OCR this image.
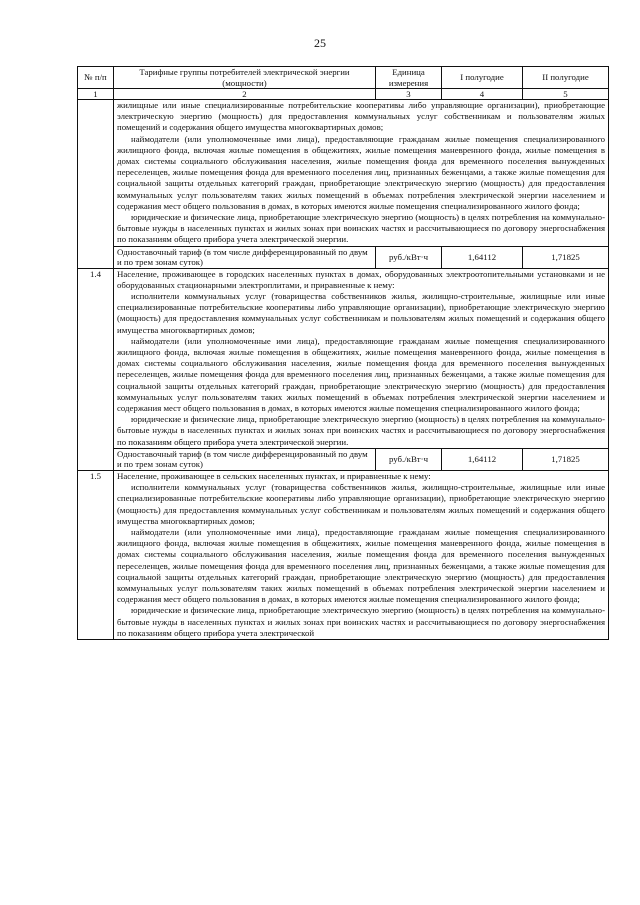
25
№ п/п	Тарифные группы потребителей электрической энергии (мощности)	Единица измерения	I полугодие	II полугодие
1	2	3	4	5

	жилищные или иные специализированные потребительские кооперативы либо управляющие организации), приобретающие электрическую энергию (мощность) для предоставления коммунальных услуг собственникам и пользователям жилых помещений и содержания общего имущества многоквартирных домов;
наймодатели (или уполномоченные ими лица), предоставляющие гражданам жилые помещения специализированного жилищного фонда, включая жилые помещения в общежитиях, жилые помещения маневренного фонда, жилые помещения в домах системы социального обслуживания населения, жилые помещения фонда для временного поселения вынужденных переселенцев, жилые помещения фонда для временного поселения лиц, признанных беженцами, а также жилые помещения для социальной защиты отдельных категорий граждан, приобретающие электрическую энергию (мощность) для предоставления коммунальных услуг пользователям таких жилых помещений в объемах потребления электрической энергии населением и содержания мест общего пользования в домах, в которых имеются жилые помещения специализированного жилого фонда;
юридические и физические лица, приобретающие электрическую энергию (мощность) в целях потребления на коммунально-бытовые нужды в населенных пунктах и жилых зонах при воинских частях и рассчитывающиеся по договору энергоснабжения по показаниям общего прибора учета электрической энергии.			

	Одноставочный тариф (в том числе дифференцированный по двум и по трем зонам суток)	руб./кВт·ч	1,64112	1,71825
1.4	Население, проживающее в городских населенных пунктах в домах, оборудованных электроотопительными установками и не оборудованных стационарными электроплитами, и приравненные к нему:
исполнители коммунальных услуг (товарищества собственников жилья, жилищно-строительные, жилищные или иные специализированные потребительские кооперативы либо управляющие организации), приобретающие электрическую энергию (мощность) для предоставления коммунальных услуг собственникам и пользователям жилых помещений и содержания общего имущества многоквартирных домов;
наймодатели (или уполномоченные ими лица), предоставляющие гражданам жилые помещения специализированного жилищного фонда, включая жилые помещения в общежитиях, жилые помещения маневренного фонда, жилые помещения в домах системы социального обслуживания населения, жилые помещения фонда для временного поселения вынужденных переселенцев, жилые помещения фонда для временного поселения лиц, признанных беженцами, а также жилые помещения для социальной защиты отдельных категорий граждан, приобретающие электрическую энергию (мощность) для предоставления коммунальных услуг пользователям таких жилых помещений в объемах потребления электрической энергии населением и содержания мест общего пользования в домах, в которых имеются жилые помещения специализированного жилого фонда;
юридические и физические лица, приобретающие электрическую энергию (мощность) в целях потребления на коммунально-бытовые нужды в населенных пунктах и жилых зонах при воинских частях и рассчитывающиеся по договору энергоснабжения по показаниям общего прибора учета электрической энергии.			

	Одноставочный тариф (в том числе дифференцированный по двум и по трем зонам суток)	руб./кВт·ч	1,64112	1,71825
1.5	Население, проживающее в сельских населенных пунктах, и приравненные к нему:
исполнители коммунальных услуг (товарищества собственников жилья, жилищно-строительные, жилищные или иные специализированные потребительские кооперативы либо управляющие организации), приобретающие электрическую энергию (мощность) для предоставления коммунальных услуг собственникам и пользователям жилых помещений и содержания общего имущества многоквартирных домов;
наймодатели (или уполномоченные ими лица), предоставляющие гражданам жилые помещения специализированного жилищного фонда, включая жилые помещения в общежитиях, жилые помещения маневренного фонда, жилые помещения в домах системы социального обслуживания населения, жилые помещения фонда для временного поселения вынужденных переселенцев, жилые помещения фонда для временного поселения лиц, признанных беженцами, а также жилые помещения для социальной защиты отдельных категорий граждан, приобретающие электрическую энергию (мощность) для предоставления коммунальных услуг пользователям таких жилых помещений в объемах потребления электрической энергии населением и содержания мест общего пользования в домах, в которых имеются жилые помещения специализированного жилого фонда;
юридические и физические лица, приобретающие электрическую энергию (мощность) в целях потребления на коммунально-бытовые нужды в населенных пунктах и жилых зонах при воинских частях и рассчитывающиеся по договору энергоснабжения по показаниям общего прибора учета электрической			
